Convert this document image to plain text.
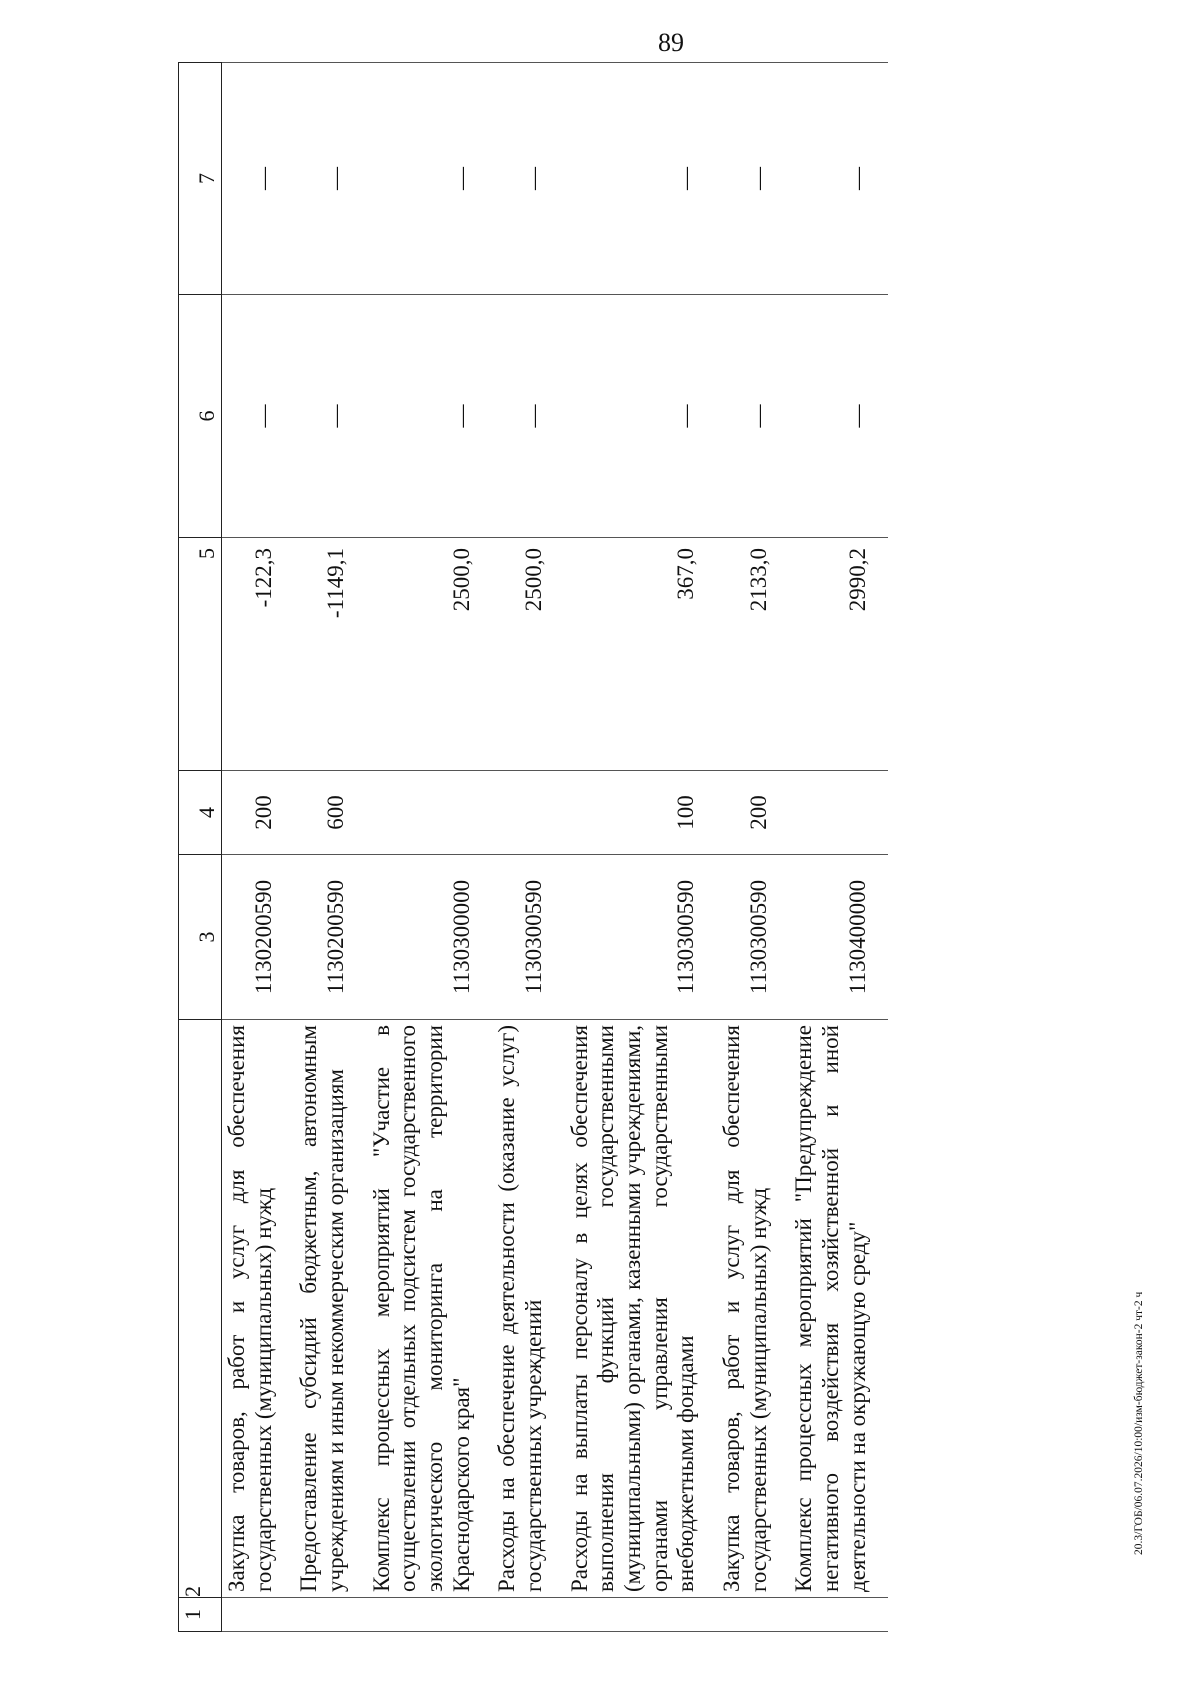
89
20.3/ГОБ/06.07.2026/10:00/изм-бюджет-закон-2 чт-2 ч
1	2	3	4	5	6	7
	Закупка товаров, работ и услуг для обеспечения государственных (муниципальных) нужд	1130200590	200	-122,3	—	—
	Предоставление субсидий бюджетным, автономным учреждениям и иным некоммерческим организациям	1130200590	600	-1149,1	—	—
	Комплекс процессных мероприятий "Участие в осуществлении отдельных подсистем государственного экологического мониторинга на территории Краснодарского края"	1130300000		2500,0	—	—
	Расходы на обеспечение деятельности (оказание услуг) государственных учреждений	1130300590		2500,0	—	—
	Расходы на выплаты персоналу в целях обеспечения выполнения функций государственными (муниципальными) органами, казенными учреждениями, органами управления государственными внебюджетными фондами	1130300590	100	367,0	—	—
	Закупка товаров, работ и услуг для обеспечения государственных (муниципальных) нужд	1130300590	200	2133,0	—	—
	Комплекс процессных мероприятий "Предупреждение негативного воздействия хозяйственной и иной деятельности на окружающую среду"	1130400000		2990,2	—	—
